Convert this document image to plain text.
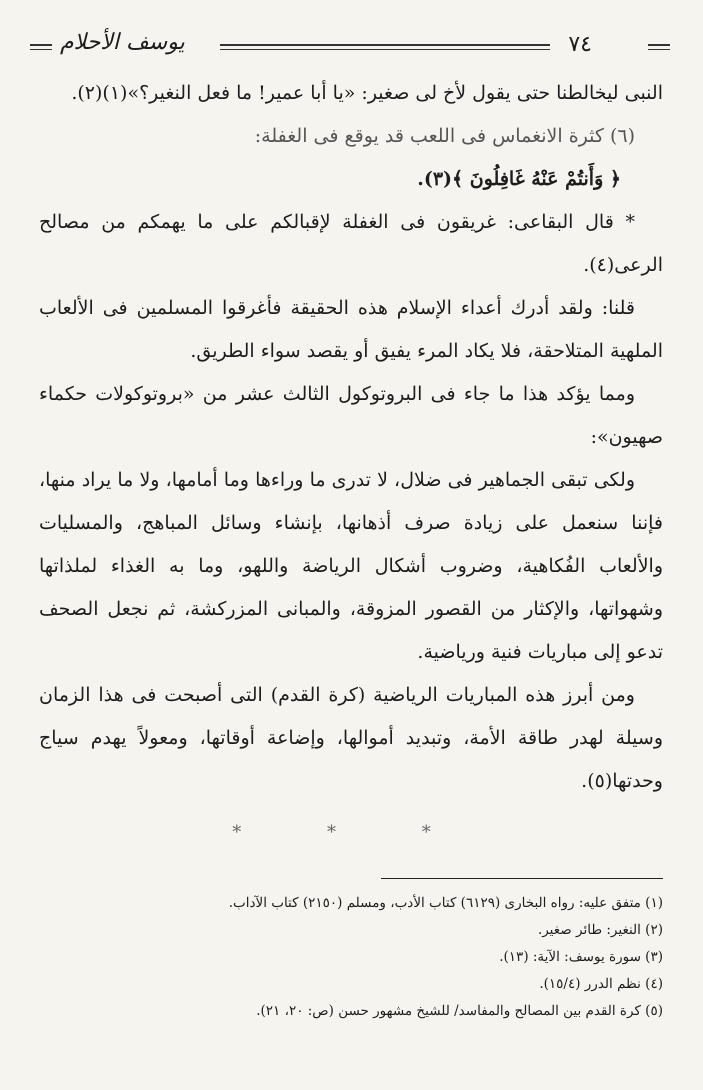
٧٤
يوسف الأحلام

النبى ليخالطنا حتى يقول لأخ لى صغير: «يا أبا عمير! ما فعل النغير؟»(١)(٢).

(٦) كثرة الانغماس فى اللعب قد يوقع فى الغفلة:

﴿ وَأَنتُمْ عَنْهُ غَافِلُونَ ﴾(٣).

* قال البقاعى: غريقون فى الغفلة لإقبالكم على ما يهمكم من مصالح الرعى(٤).

قلنا: ولقد أدرك أعداء الإسلام هذه الحقيقة فأغرقوا المسلمين فى الألعاب الملهية المتلاحقة، فلا يكاد المرء يفيق أو يقصد سواء الطريق.

ومما يؤكد هذا ما جاء فى البروتوكول الثالث عشر من «بروتوكولات حكماء صهيون»:

ولكى تبقى الجماهير فى ضلال، لا تدرى ما وراءها وما أمامها، ولا ما يراد منها، فإننا سنعمل على زيادة صرف أذهانها، بإنشاء وسائل المباهج، والمسليات والألعاب الفُكاهية، وضروب أشكال الرياضة واللهو، وما به الغذاء لملذاتها وشهواتها، والإكثار من القصور المزوقة، والمبانى المزركشة، ثم نجعل الصحف تدعو إلى مباريات فنية ورياضية.

ومن أبرز هذه المباريات الرياضية (كرة القدم) التى أصبحت فى هذا الزمان وسيلة لهدر طاقة الأمة، وتبديد أموالها، وإضاعة أوقاتها، ومعولاً يهدم سياج وحدتها(٥).

* * *

(١) متفق عليه: رواه البخارى (٦١٢٩) كتاب الأدب، ومسلم (٢١٥٠) كتاب الآداب.

(٢) النغير: طائر صغير.

(٣) سورة يوسف: الآية: (١٣).

(٤) نظم الدرر (١٥/٤).

(٥) كرة القدم بين المصالح والمفاسد/ للشيخ مشهور حسن (ص: ٢٠، ٢١).
